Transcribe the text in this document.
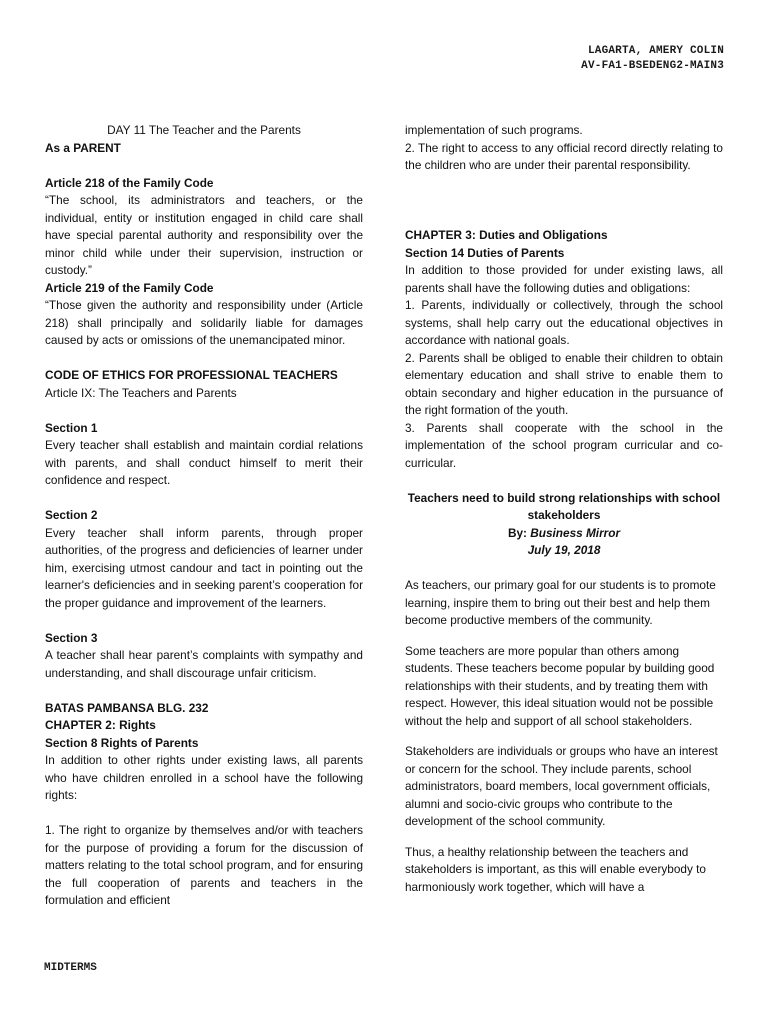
LAGARTA, AMERY COLIN
AV-FA1-BSEDENG2-MAIN3

DAY 11 The Teacher and the Parents

As a PARENT

Article 218 of the Family Code

“The school, its administrators and teachers, or the individual, entity or institution engaged in child care shall have special parental authority and responsibility over the minor child while under their supervision, instruction or custody.”

Article 219 of the Family Code

“Those given the authority and responsibility under (Article 218) shall principally and solidarily liable for damages caused by acts or omissions of the unemancipated minor.

CODE OF ETHICS FOR PROFESSIONAL TEACHERS

Article IX: The Teachers and Parents

Section 1

Every teacher shall establish and maintain cordial relations with parents, and shall conduct himself to merit their confidence and respect.

Section 2

Every teacher shall inform parents, through proper authorities, of the progress and deficiencies of learner under him, exercising utmost candour and tact in pointing out the learner's deficiencies and in seeking parent’s cooperation for the proper guidance and improvement of the learners.

Section 3

A teacher shall hear parent’s complaints with sympathy and understanding, and shall discourage unfair criticism.

BATAS PAMBANSA BLG. 232

CHAPTER 2: Rights

Section 8 Rights of Parents

In addition to other rights under existing laws, all parents who have children enrolled in a school have the following rights:

1. The right to organize by themselves and/or with teachers for the purpose of providing a forum for the discussion of matters relating to the total school program, and for ensuring the full cooperation of parents and teachers in the formulation and efficient

implementation of such programs.

2. The right to access to any official record directly relating to the children who are under their parental responsibility.

CHAPTER 3: Duties and Obligations

Section 14 Duties of Parents

In addition to those provided for under existing laws, all parents shall have the following duties and obligations:

1. Parents, individually or collectively, through the school systems, shall help carry out the educational objectives in accordance with national goals.

2. Parents shall be obliged to enable their children to obtain elementary education and shall strive to enable them to obtain secondary and higher education in the pursuance of the right formation of the youth.

3. Parents shall cooperate with the school in the implementation of the school program curricular and co-curricular.

Teachers need to build strong relationships with school stakeholders

By: Business Mirror

July 19, 2018

As teachers, our primary goal for our students is to promote learning, inspire them to bring out their best and help them become productive members of the community.

Some teachers are more popular than others among students. These teachers become popular by building good relationships with their students, and by treating them with respect. However, this ideal situation would not be possible without the help and support of all school stakeholders.

Stakeholders are individuals or groups who have an interest or concern for the school. They include parents, school administrators, board members, local government officials, alumni and socio-civic groups who contribute to the development of the school community.

Thus, a healthy relationship between the teachers and stakeholders is important, as this will enable everybody to harmoniously work together, which will have a

MIDTERMS
